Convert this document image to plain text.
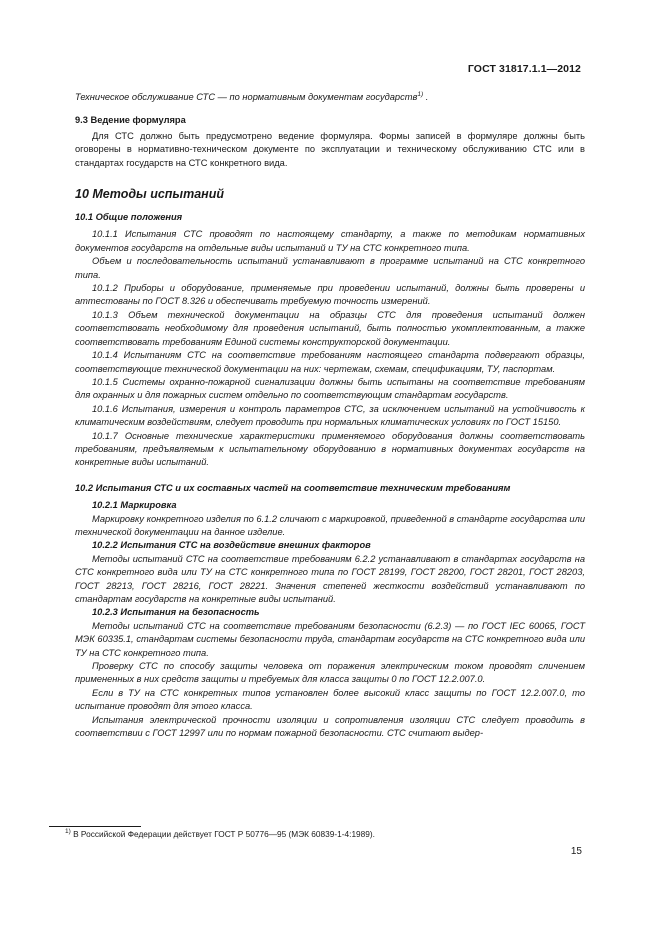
ГОСТ 31817.1.1—2012

Техническое обслуживание СТС — по нормативным документам государств$^{1)}$ .

9.3 Ведение формуляра

Для СТС должно быть предусмотрено ведение формуляра. Формы записей в формуляре должны быть оговорены в нормативно-техническом документе по эксплуатации и техническому обслуживанию СТС или в стандартах государств на СТС конкретного вида.

10 Методы испытаний

10.1 Общие положения

10.1.1 Испытания СТС проводят по настоящему стандарту, а также по методикам нормативных документов государств на отдельные виды испытаний и ТУ на СТС конкретного типа.

Объем и последовательность испытаний устанавливают в программе испытаний на СТС конкретного типа.

10.1.2 Приборы и оборудование, применяемые при проведении испытаний, должны быть проверены и аттестованы по ГОСТ 8.326 и обеспечивать требуемую точность измерений.

10.1.3 Объем технической документации на образцы СТС для проведения испытаний должен соответствовать необходимому для проведения испытаний, быть полностью укомплектованным, а также соответствовать требованиям Единой системы конструкторской документации.

10.1.4 Испытаниям СТС на соответствие требованиям настоящего стандарта подвергают образцы, соответствующие технической документации на них: чертежам, схемам, спецификациям, ТУ, паспортам.

10.1.5 Системы охранно-пожарной сигнализации должны быть испытаны на соответствие требованиям для охранных и для пожарных систем отдельно по соответствующим стандартам государств.

10.1.6 Испытания, измерения и контроль параметров СТС, за исключением испытаний на устойчивость к климатическим воздействиям, следует проводить при нормальных климатических условиях по ГОСТ 15150.

10.1.7 Основные технические характеристики применяемого оборудования должны соответствовать требованиям, предъявляемым к испытательному оборудованию в нормативных документах государств на конкретные виды испытаний.

10.2 Испытания СТС и их составных частей на соответствие техническим требованиям

10.2.1 Маркировка

Маркировку конкретного изделия по 6.1.2 сличают с маркировкой, приведенной в стандарте государства или технической документации на данное изделие.

10.2.2 Испытания СТС на воздействие внешних факторов

Методы испытаний СТС на соответствие требованиям 6.2.2 устанавливают в стандартах государств на СТС конкретного вида или ТУ на СТС конкретного типа по ГОСТ 28199, ГОСТ 28200, ГОСТ 28201, ГОСТ 28203, ГОСТ 28213, ГОСТ 28216, ГОСТ 28221. Значения степеней жесткости воздействий устанавливают по стандартам государств на конкретные виды испытаний.

10.2.3 Испытания на безопасность

Методы испытаний СТС на соответствие требованиям безопасности (6.2.3) — по ГОСТ IEC 60065, ГОСТ МЭК 60335.1, стандартам системы безопасности труда, стандартам государств на СТС конкретного вида или ТУ на СТС конкретного типа.

Проверку СТС по способу защиты человека от поражения электрическим током проводят сличением примененных в них средств защиты и требуемых для класса защиты 0 по ГОСТ 12.2.007.0.

Если в ТУ на СТС конкретных типов установлен более высокий класс защиты по ГОСТ 12.2.007.0, то испытание проводят для этого класса.

Испытания электрической прочности изоляции и сопротивления изоляции СТС следует проводить в соответствии с ГОСТ 12997 или по нормам пожарной безопасности. СТС считают выдер-

$^{1)}$ В Российской Федерации действует ГОСТ Р 50776—95 (МЭК 60839-1-4:1989).
15
